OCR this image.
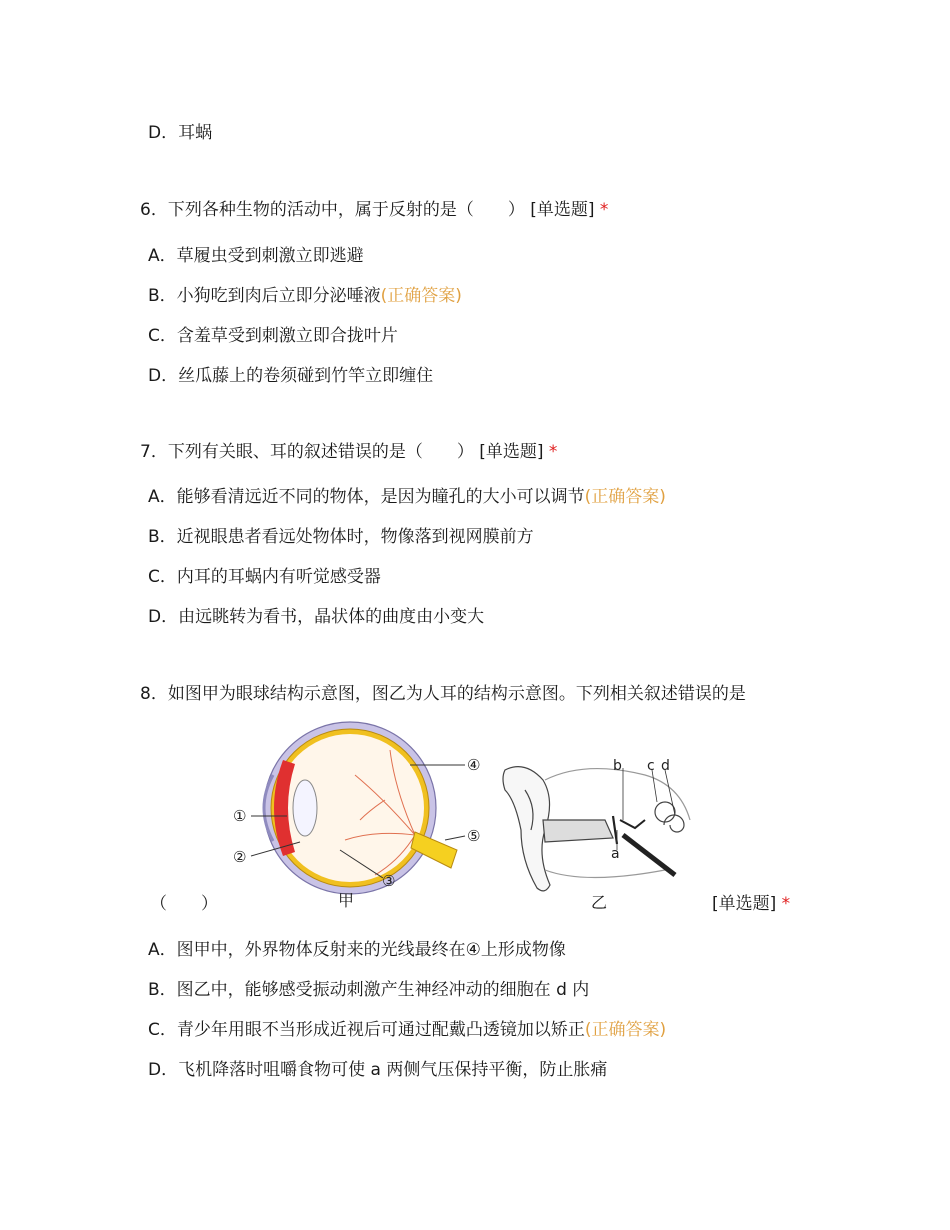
D．耳蜗
6．下列各种生物的活动中，属于反射的是（　　） [单选题] *
A．草履虫受到刺激立即逃避
B．小狗吃到肉后立即分泌唾液(正确答案)
C．含羞草受到刺激立即合拢叶片
D．丝瓜藤上的卷须碰到竹竿立即缠住
7．下列有关眼、耳的叙述错误的是（　　） [单选题] *
A．能够看清远近不同的物体，是因为瞳孔的大小可以调节(正确答案)
B．近视眼患者看远处物体时，物像落到视网膜前方
C．内耳的耳蜗内有听觉感受器
D．由远眺转为看书，晶状体的曲度由小变大
8．如图甲为眼球结构示意图，图乙为人耳的结构示意图。下列相关叙述错误的是
①
②
③
④
⑤
a
b c d
（　　）	甲	乙	[单选题] *
A．图甲中，外界物体反射来的光线最终在④上形成物像
B．图乙中，能够感受振动刺激产生神经冲动的细胞在 d 内
C．青少年用眼不当形成近视后可通过配戴凸透镜加以矫正(正确答案)
D．飞机降落时咀嚼食物可使 a 两侧气压保持平衡，防止胀痛
